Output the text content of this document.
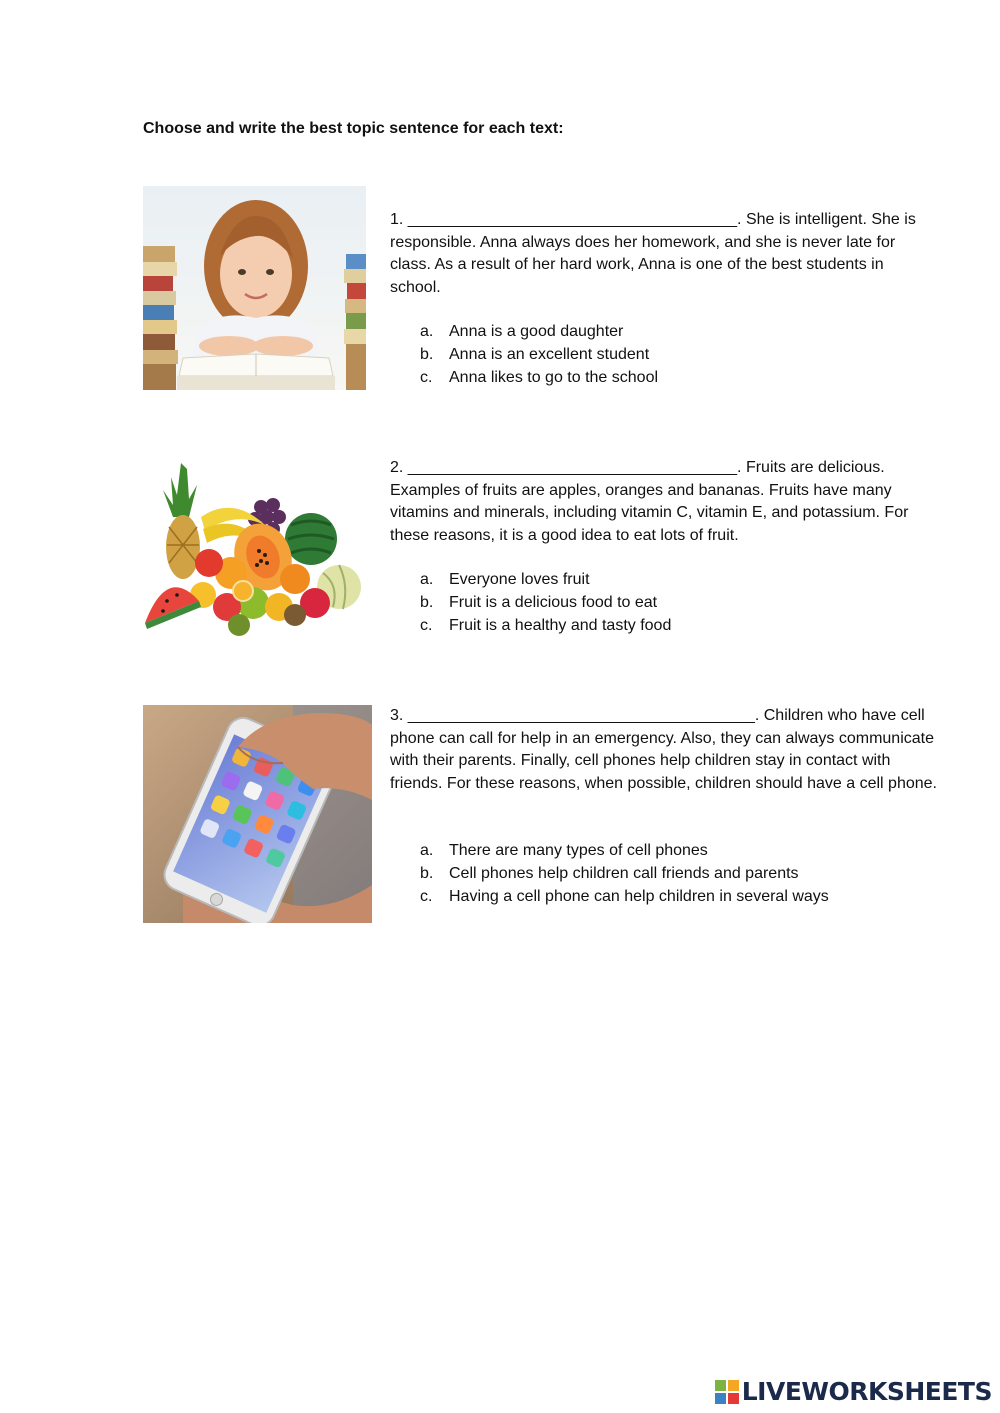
Choose and write the best topic sentence for each text:
1. _____________________________________. She is intelligent. She is responsible. Anna always does her homework, and she is never late for class. As a result of her hard work, Anna is one of the best students in school.
a. Anna is a good daughter
b. Anna is an excellent student
c. Anna likes to go to the school
2. _____________________________________. Fruits are delicious. Examples of fruits are apples, oranges and bananas. Fruits have many vitamins and minerals, including vitamin C, vitamin E, and potassium. For these reasons, it is a good idea to eat lots of fruit.
a. Everyone loves fruit
b. Fruit is a delicious food to eat
c. Fruit is a healthy and tasty food
3. _______________________________________. Children who have cell phone can call for help in an emergency. Also, they can always communicate with their parents. Finally, cell phones help children stay in contact with friends. For these reasons, when possible, children should have a cell phone.
a. There are many types of cell phones
b. Cell phones help children call friends and parents
c. Having a cell phone can help children in several ways
LIVEWORKSHEETS
